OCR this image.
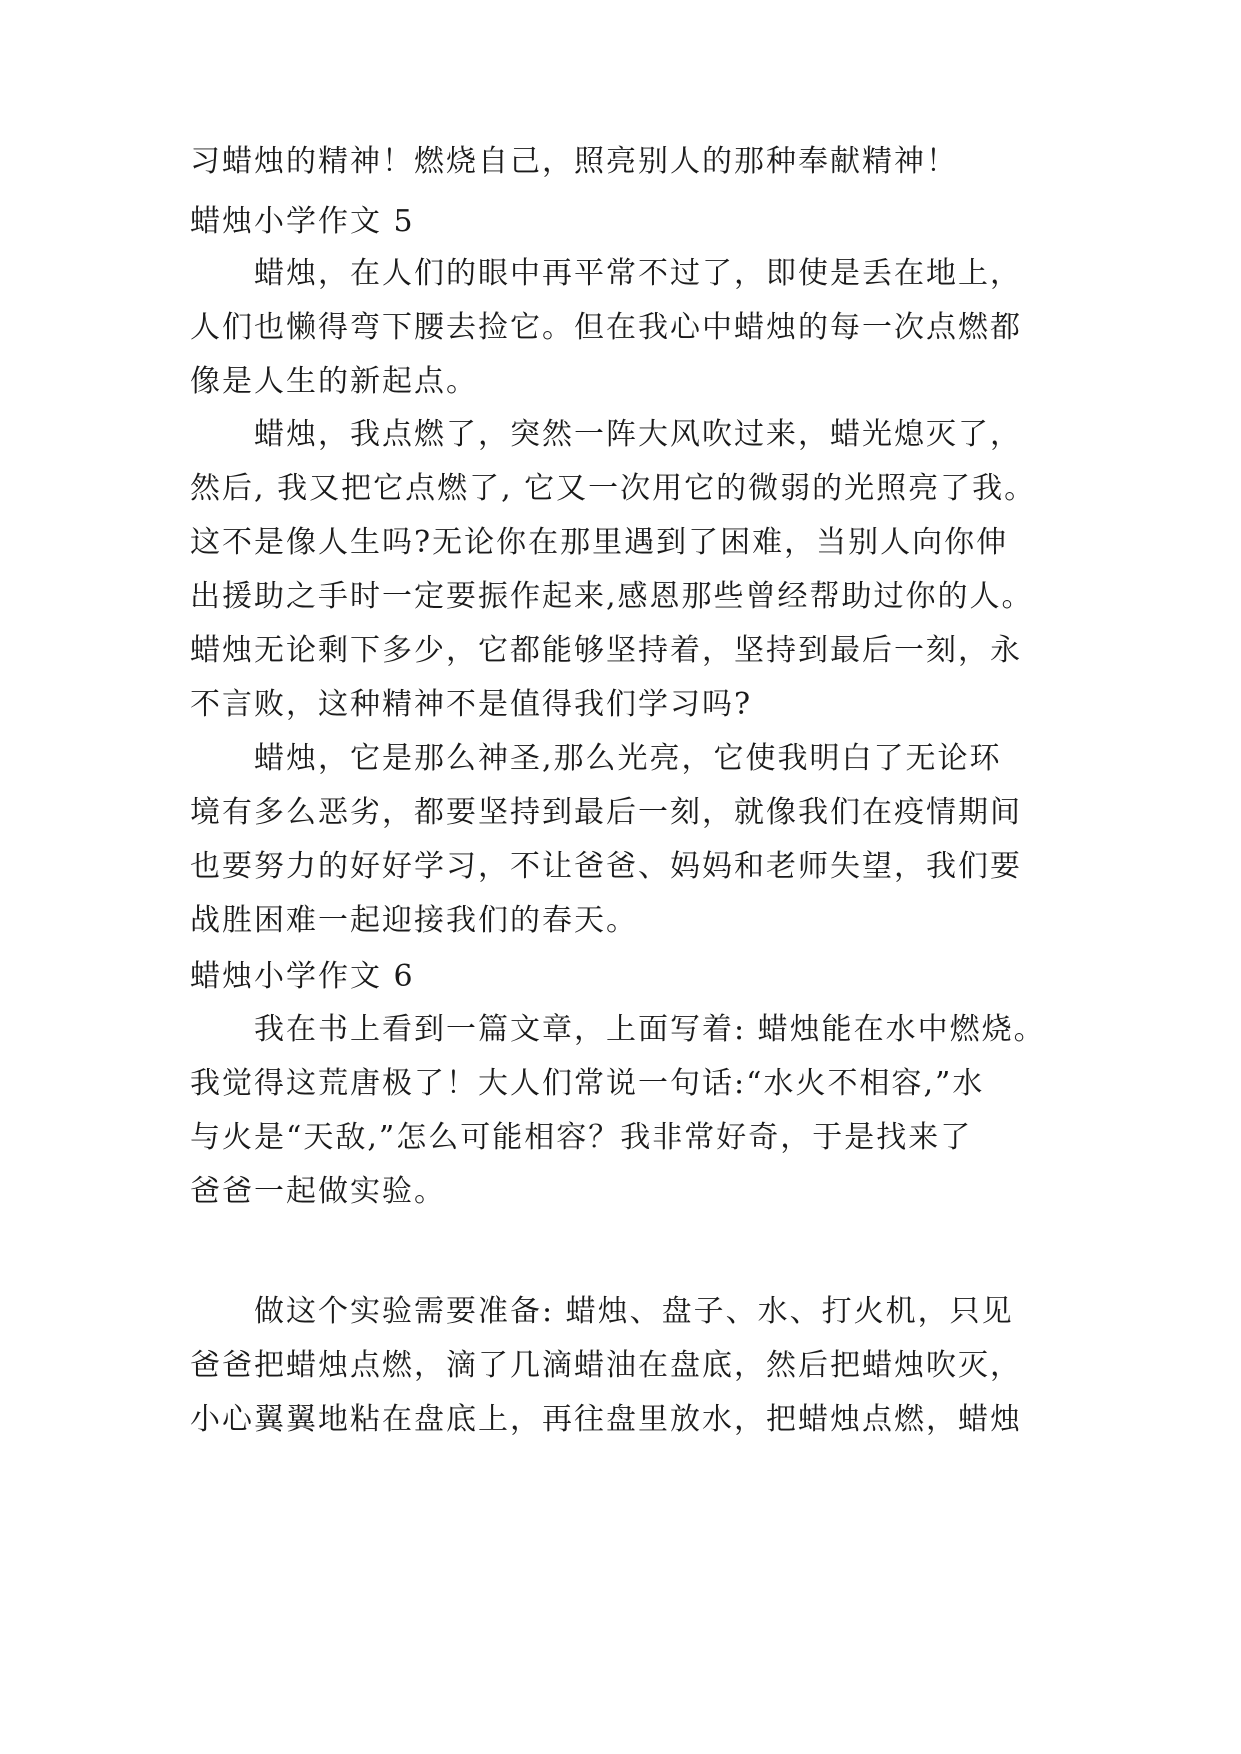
习蜡烛的精神！燃烧自己，照亮别人的那种奉献精神！
蜡烛小学作文 5
蜡烛，在人们的眼中再平常不过了，即使是丢在地上，
人们也懒得弯下腰去捡它。但在我心中蜡烛的每一次点燃都
像是人生的新起点。
蜡烛，我点燃了，突然一阵大风吹过来，蜡光熄灭了，
然后, 我又把它点燃了, 它又一次用它的微弱的光照亮了我。
这不是像人生吗?无论你在那里遇到了困难，当别人向你伸
出援助之手时一定要振作起来,感恩那些曾经帮助过你的人。
蜡烛无论剩下多少，它都能够坚持着，坚持到最后一刻，永
不言败，这种精神不是值得我们学习吗?
蜡烛，它是那么神圣,那么光亮，它使我明白了无论环
境有多么恶劣，都要坚持到最后一刻，就像我们在疫情期间
也要努力的好好学习，不让爸爸、妈妈和老师失望，我们要
战胜困难一起迎接我们的春天。
蜡烛小学作文 6
我在书上看到一篇文章，上面写着: 蜡烛能在水中燃烧。
我觉得这荒唐极了！大人们常说一句话:“水火不相容,”水
与火是“天敌,”怎么可能相容？我非常好奇，于是找来了
爸爸一起做实验。
做这个实验需要准备: 蜡烛、盘子、水、打火机，只见
爸爸把蜡烛点燃，滴了几滴蜡油在盘底，然后把蜡烛吹灭，
小心翼翼地粘在盘底上，再往盘里放水，把蜡烛点燃，蜡烛
